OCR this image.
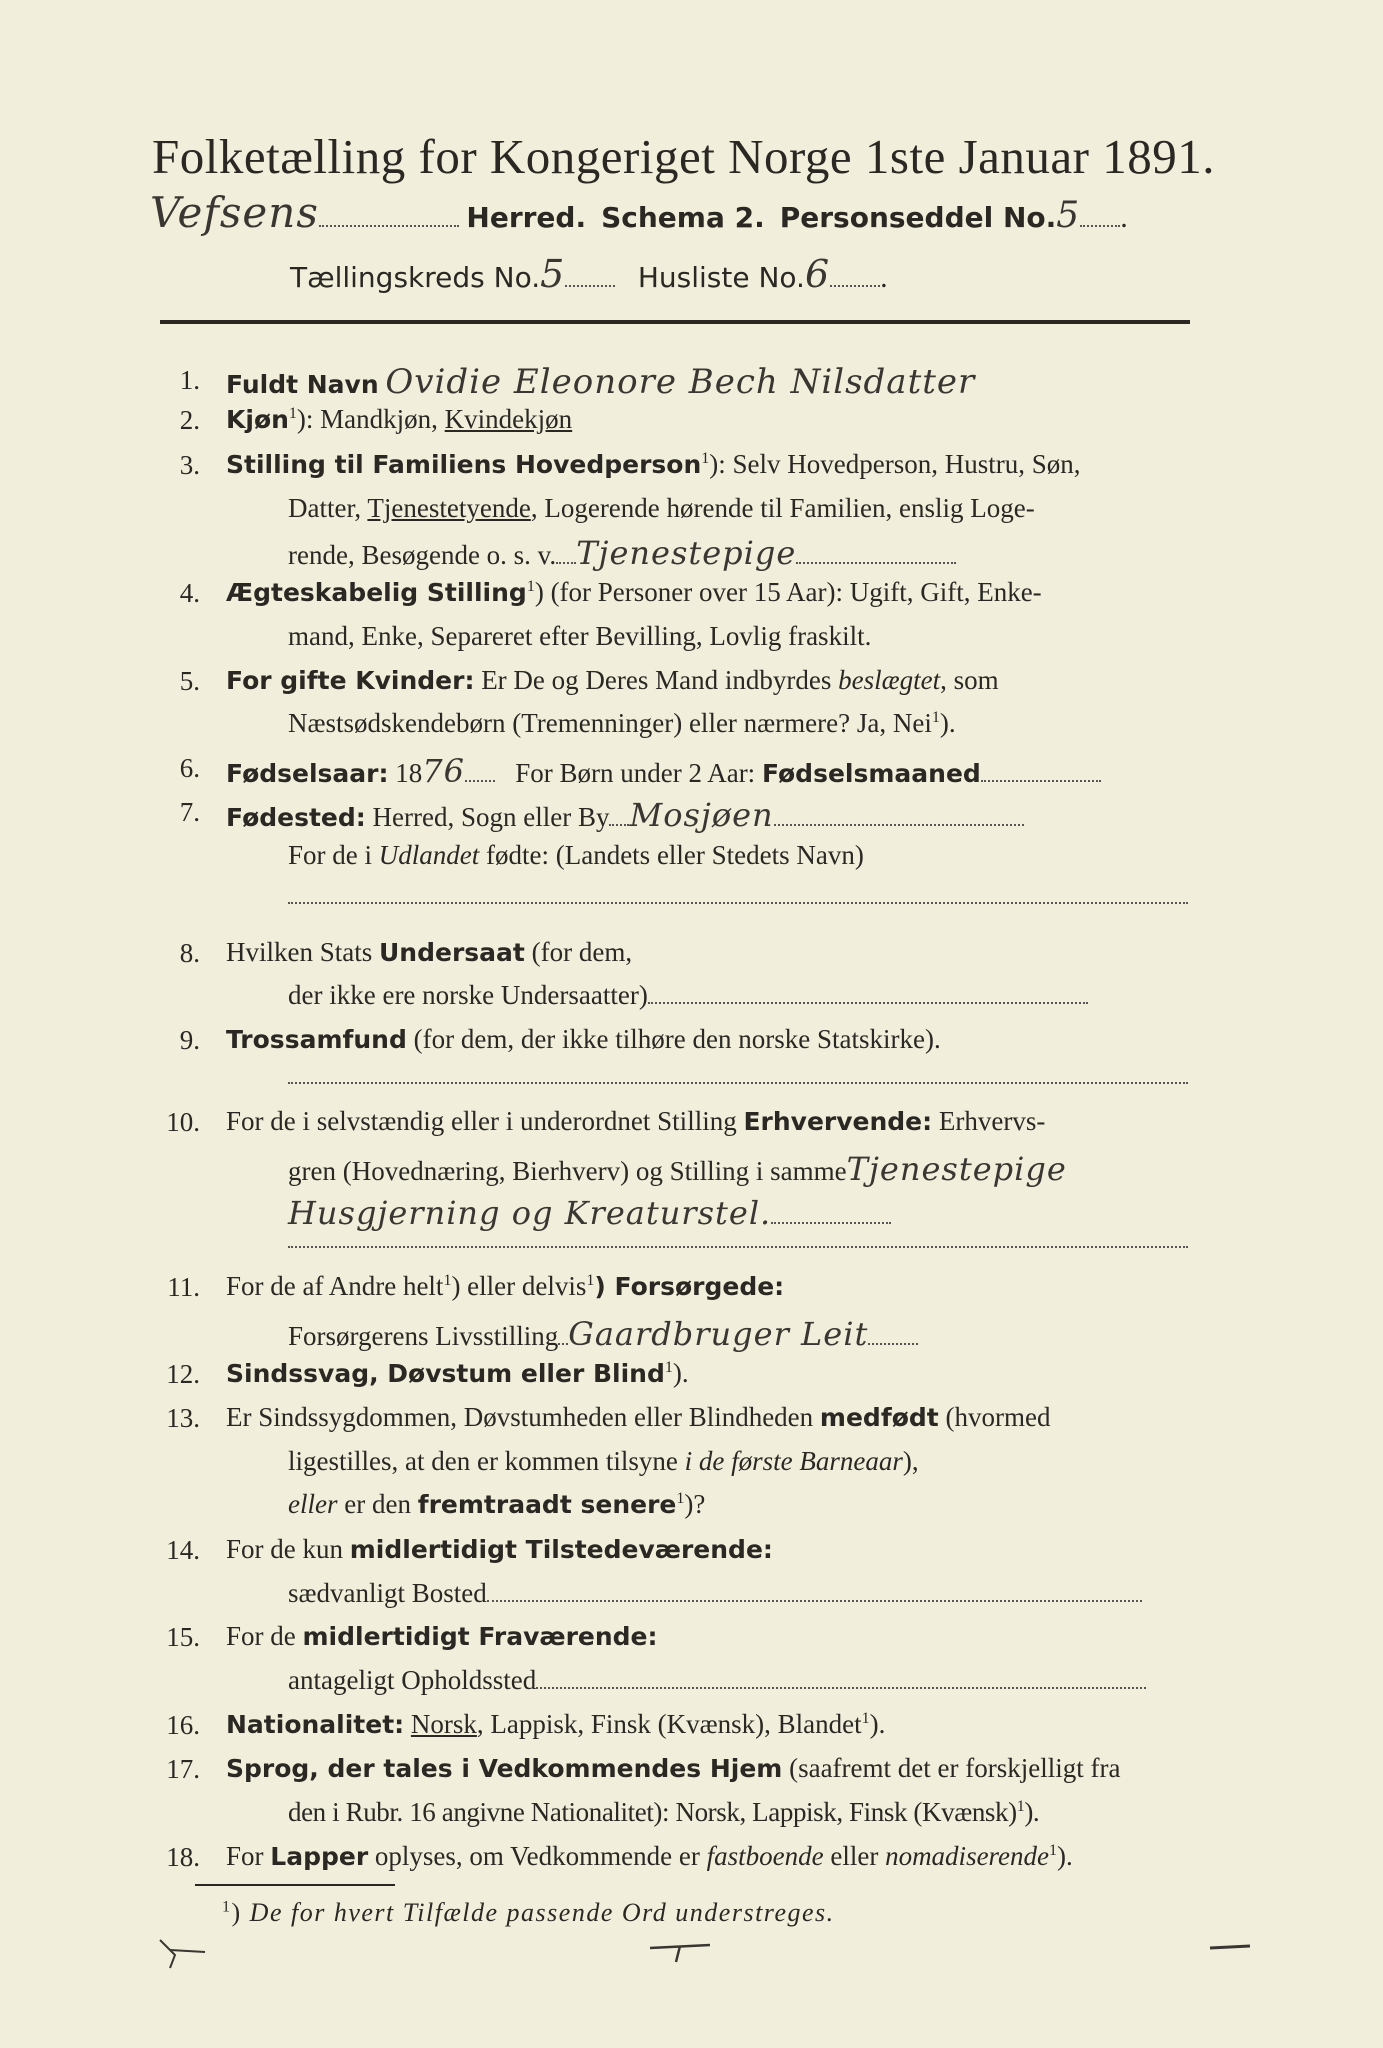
Folketælling for Kongeriget Norge 1ste Januar 1891.
Vefsens	Herred. Schema 2. Personseddel No.5 .
Tællingskreds No.5	Husliste No.6 .
1. Fuldt Navn Ovidie Eleonore Bech Nilsdatter
2. Kjøn$^1$): Mandkjøn, Kvindekjøn
3. Stilling til Familiens Hovedperson$^1$): Selv Hovedperson, Hustru, Søn,
Datter, Tjenestetyende, Logerende hørende til Familien, enslig Loge-
rende, Besøgende o. s. v. Tjenestepige
4. Ægteskabelig Stilling$^1$) (for Personer over 15 Aar): Ugift, Gift, Enke-
mand, Enke, Separeret efter Bevilling, Lovlig fraskilt.
5. For gifte Kvinder: Er De og Deres Mand indbyrdes beslægtet, som
Næstsødskendebørn (Tremenninger) eller nærmere? Ja, Nei$^1$).
6. Fødselsaar: 1876 For Børn under 2 Aar: Fødselsmaaned
7. Fødested: Herred, Sogn eller By Mosjøen
For de i Udlandet fødte: (Landets eller Stedets Navn)
8. Hvilken Stats Undersaat (for dem,
der ikke ere norske Undersaatter)
9. Trossamfund (for dem, der ikke tilhøre den norske Statskirke).
10. For de i selvstændig eller i underordnet Stilling Erhvervende: Erhvervs-
gren (Hovednæring, Bierhverv) og Stilling i sammeTjenestepige
Husgjerning og Kreaturstel.
11. For de af Andre helt$^1$) eller delvis$^1$) Forsørgede:
Forsørgerens Livsstilling Gaardbruger Leit
12. Sindssvag, Døvstum eller Blind$^1$).
13. Er Sindssygdommen, Døvstumheden eller Blindheden medfødt (hvormed
ligestilles, at den er kommen tilsyne i de første Barneaar),
eller er den fremtraadt senere$^1$)?
14. For de kun midlertidigt Tilstedeværende:
sædvanligt Bosted
15. For de midlertidigt Fraværende:
antageligt Opholdssted
16. Nationalitet: Norsk, Lappisk, Finsk (Kvænsk), Blandet$^1$).
17. Sprog, der tales i Vedkommendes Hjem (saafremt det er forskjelligt fra
den i Rubr. 16 angivne Nationalitet): Norsk, Lappisk, Finsk (Kvænsk)$^1$).
18. For Lapper oplyses, om Vedkommende er fastboende eller nomadiserende$^1$).
$^1$) De for hvert Tilfælde passende Ord understreges.
